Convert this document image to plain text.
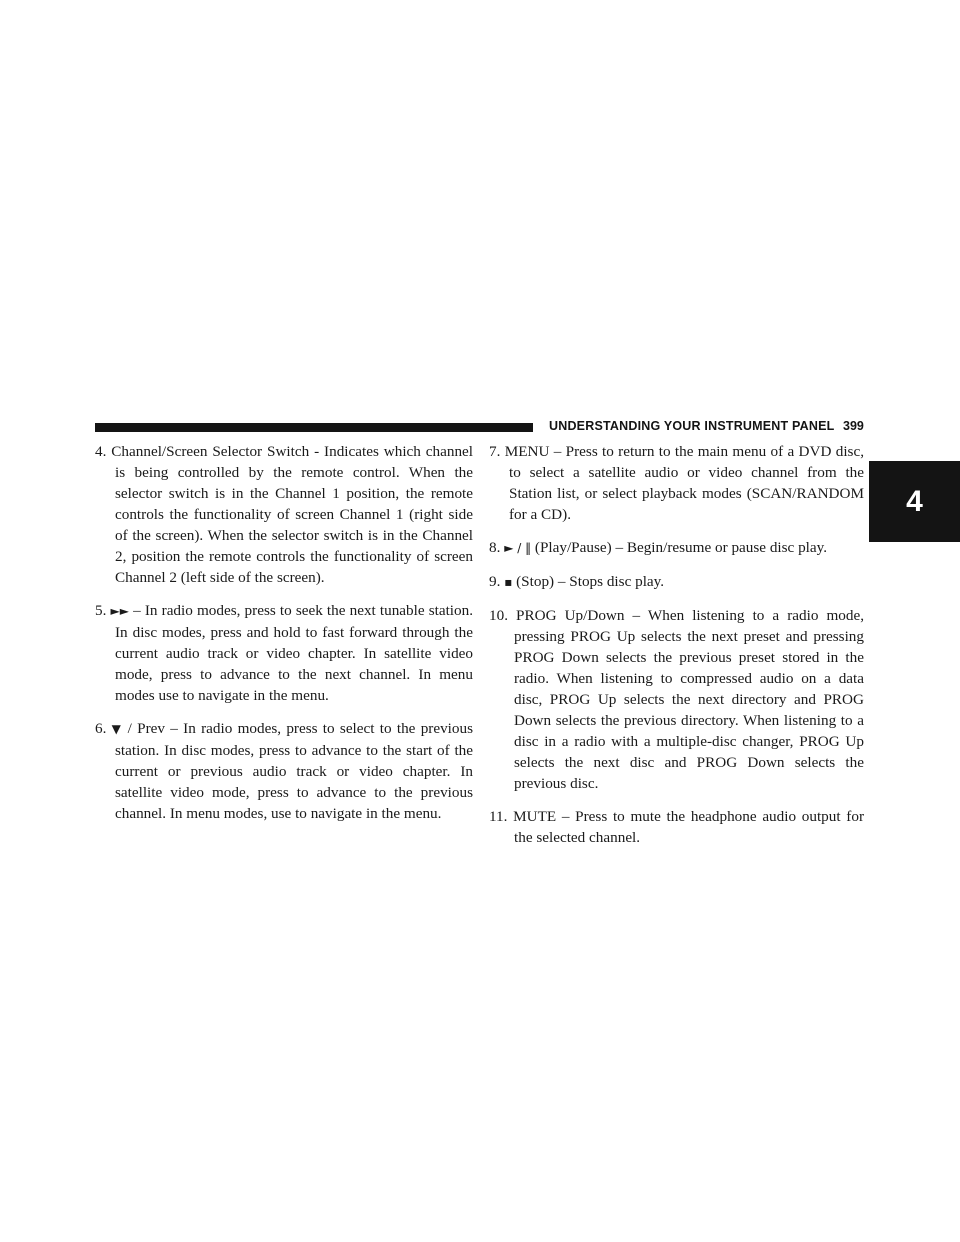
UNDERSTANDING YOUR INSTRUMENT PANEL 399
4

4. Channel/Screen Selector Switch - Indicates which channel is being controlled by the remote control. When the selector switch is in the Channel 1 position, the remote controls the functionality of screen Channel 1 (right side of the screen). When the selector switch is in the Channel 2, position the remote controls the functionality of screen Channel 2 (left side of the screen).

5. ►► – In radio modes, press to seek the next tunable station. In disc modes, press and hold to fast forward through the current audio track or video chapter. In satellite video mode, press to advance to the next channel. In menu modes use to navigate in the menu.

6. ▼ / Prev – In radio modes, press to select to the previous station. In disc modes, press to advance to the start of the current or previous audio track or video chapter. In satellite video mode, press to advance to the previous channel. In menu modes, use to navigate in the menu.

7. MENU – Press to return to the main menu of a DVD disc, to select a satellite audio or video channel from the Station list, or select playback modes (SCAN/RANDOM for a CD).

8. ► / ‖ (Play/Pause) – Begin/resume or pause disc play.

9. ▪ (Stop) – Stops disc play.

10. PROG Up/Down – When listening to a radio mode, pressing PROG Up selects the next preset and pressing PROG Down selects the previous preset stored in the radio. When listening to compressed audio on a data disc, PROG Up selects the next directory and PROG Down selects the previous directory. When listening to a disc in a radio with a multiple-disc changer, PROG Up selects the next disc and PROG Down selects the previous disc.

11. MUTE – Press to mute the headphone audio output for the selected channel.
